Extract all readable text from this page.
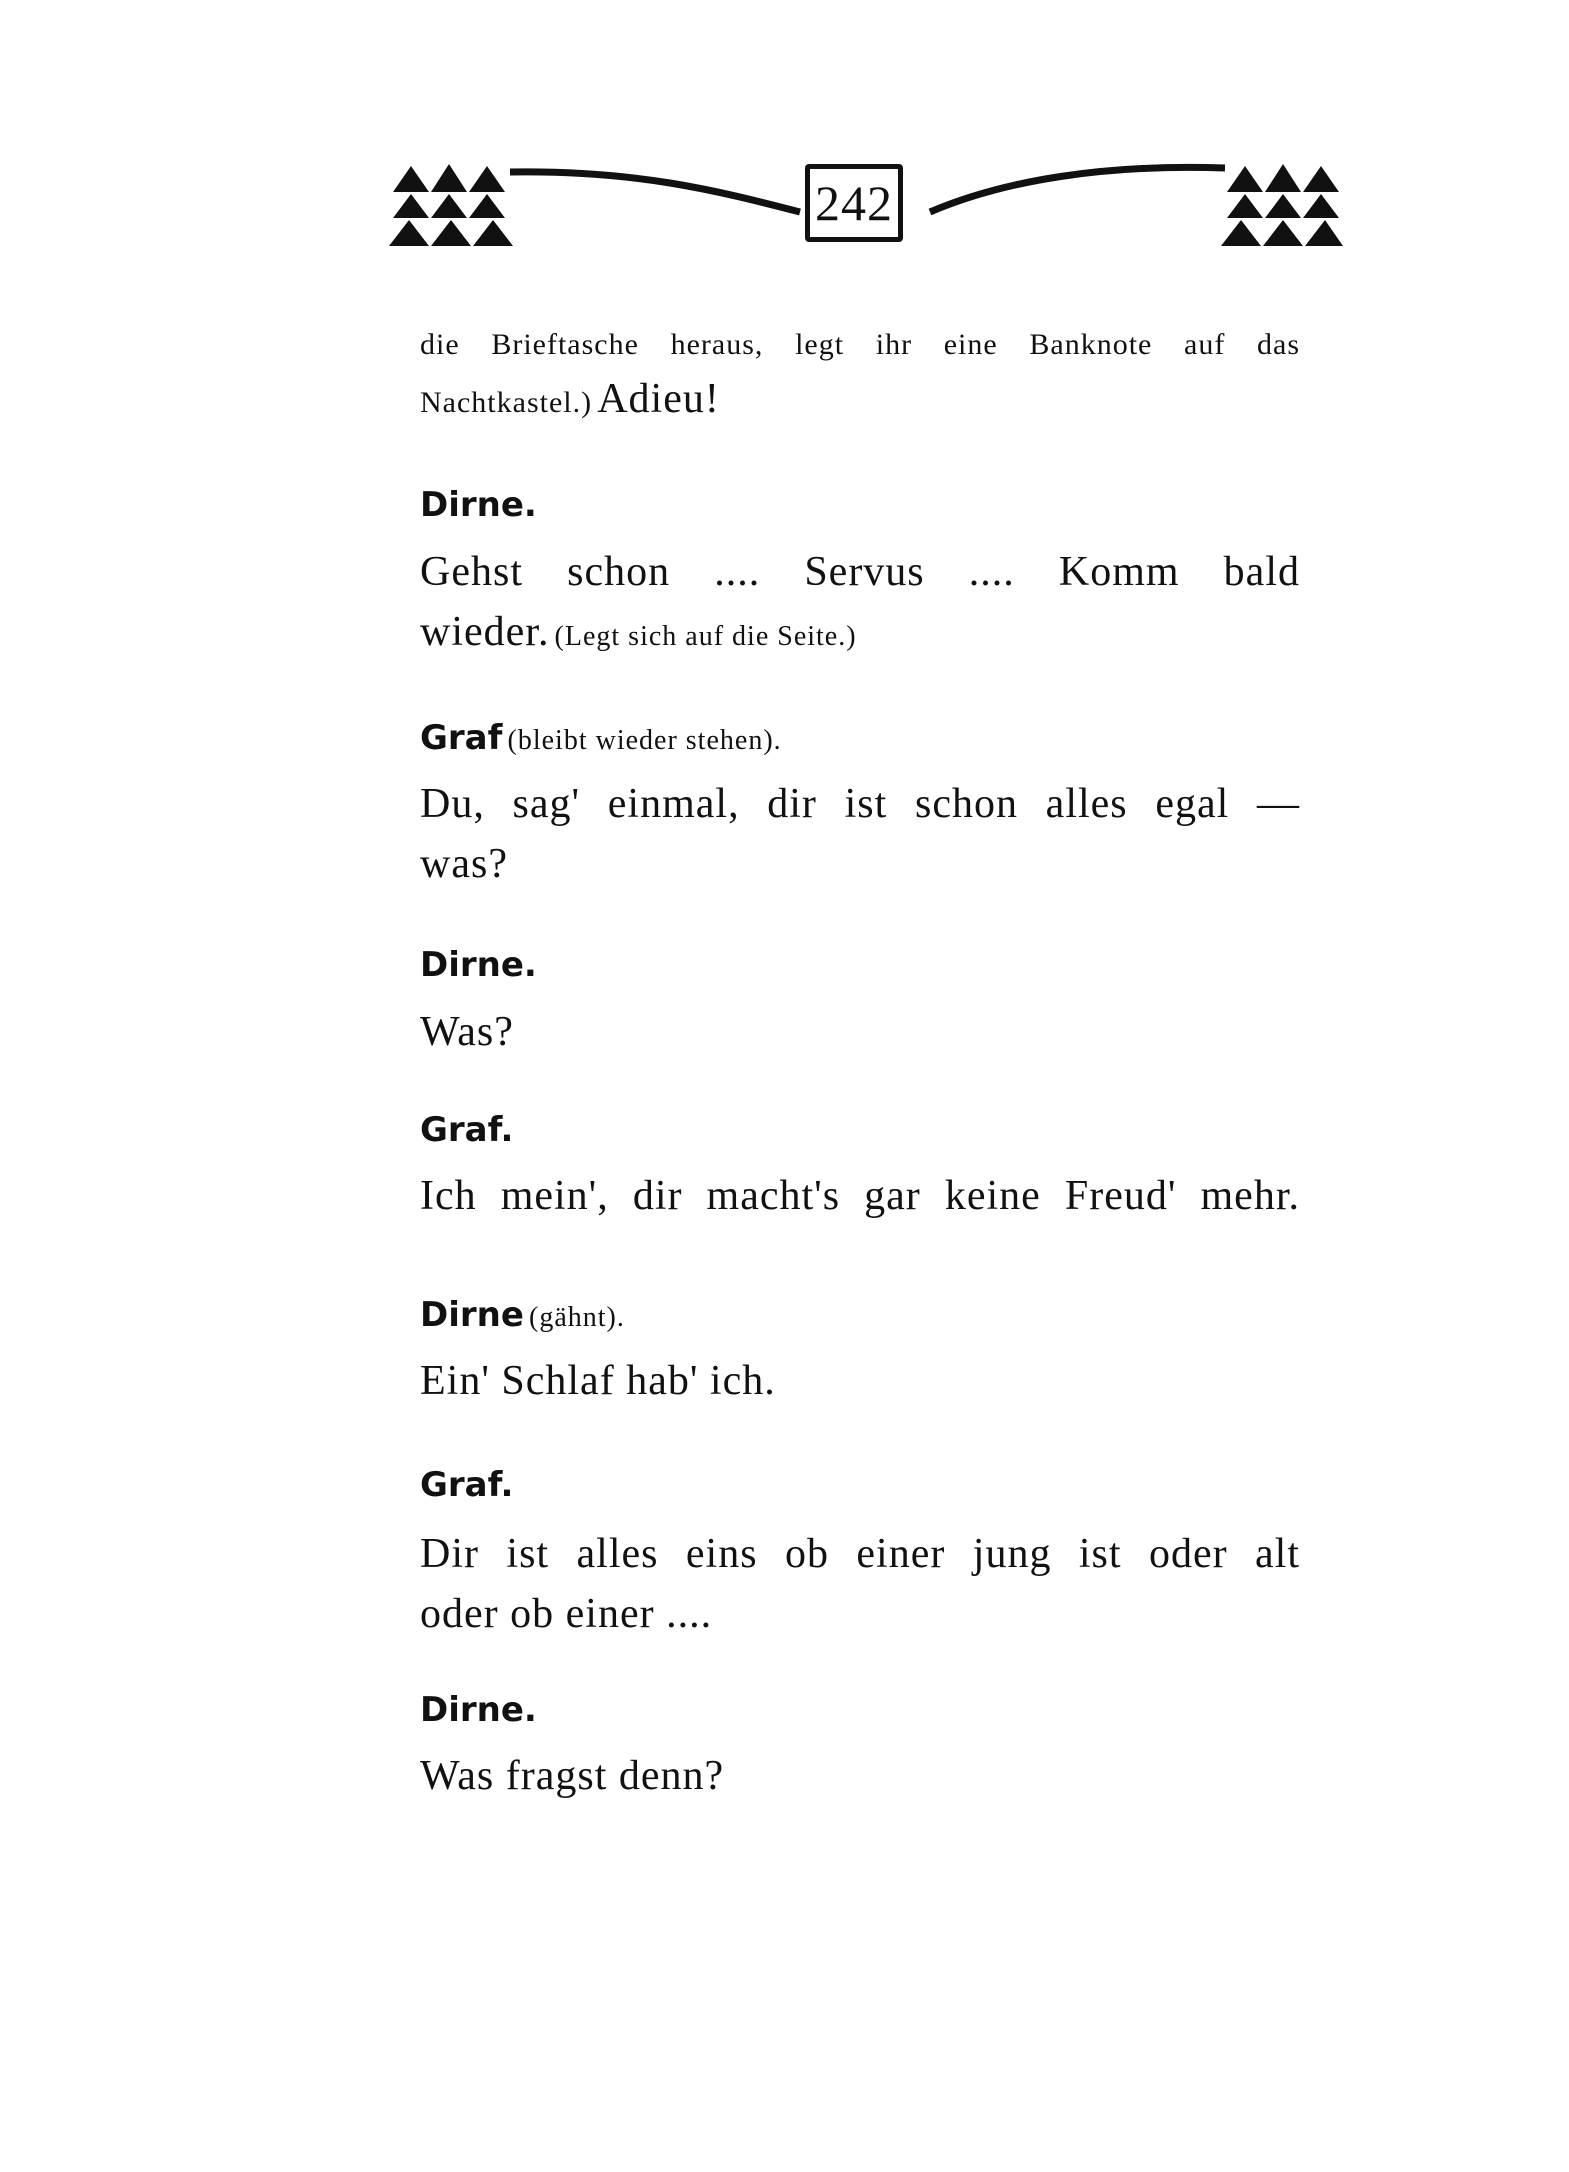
242
die Brieftasche heraus, legt ihr eine Banknote auf das
Nachtkastel.) Adieu!
Dirne.
Gehst schon .... Servus .... Komm bald
wieder. (Legt sich auf die Seite.)
Graf (bleibt wieder stehen).
Du, sag' einmal, dir ist schon alles egal —
was?
Dirne.
Was?
Graf.
Ich mein', dir macht's gar keine Freud' mehr.
Dirne (gähnt).
Ein' Schlaf hab' ich.
Graf.
Dir ist alles eins ob einer jung ist oder alt
oder ob einer ....
Dirne.
Was fragst denn?
